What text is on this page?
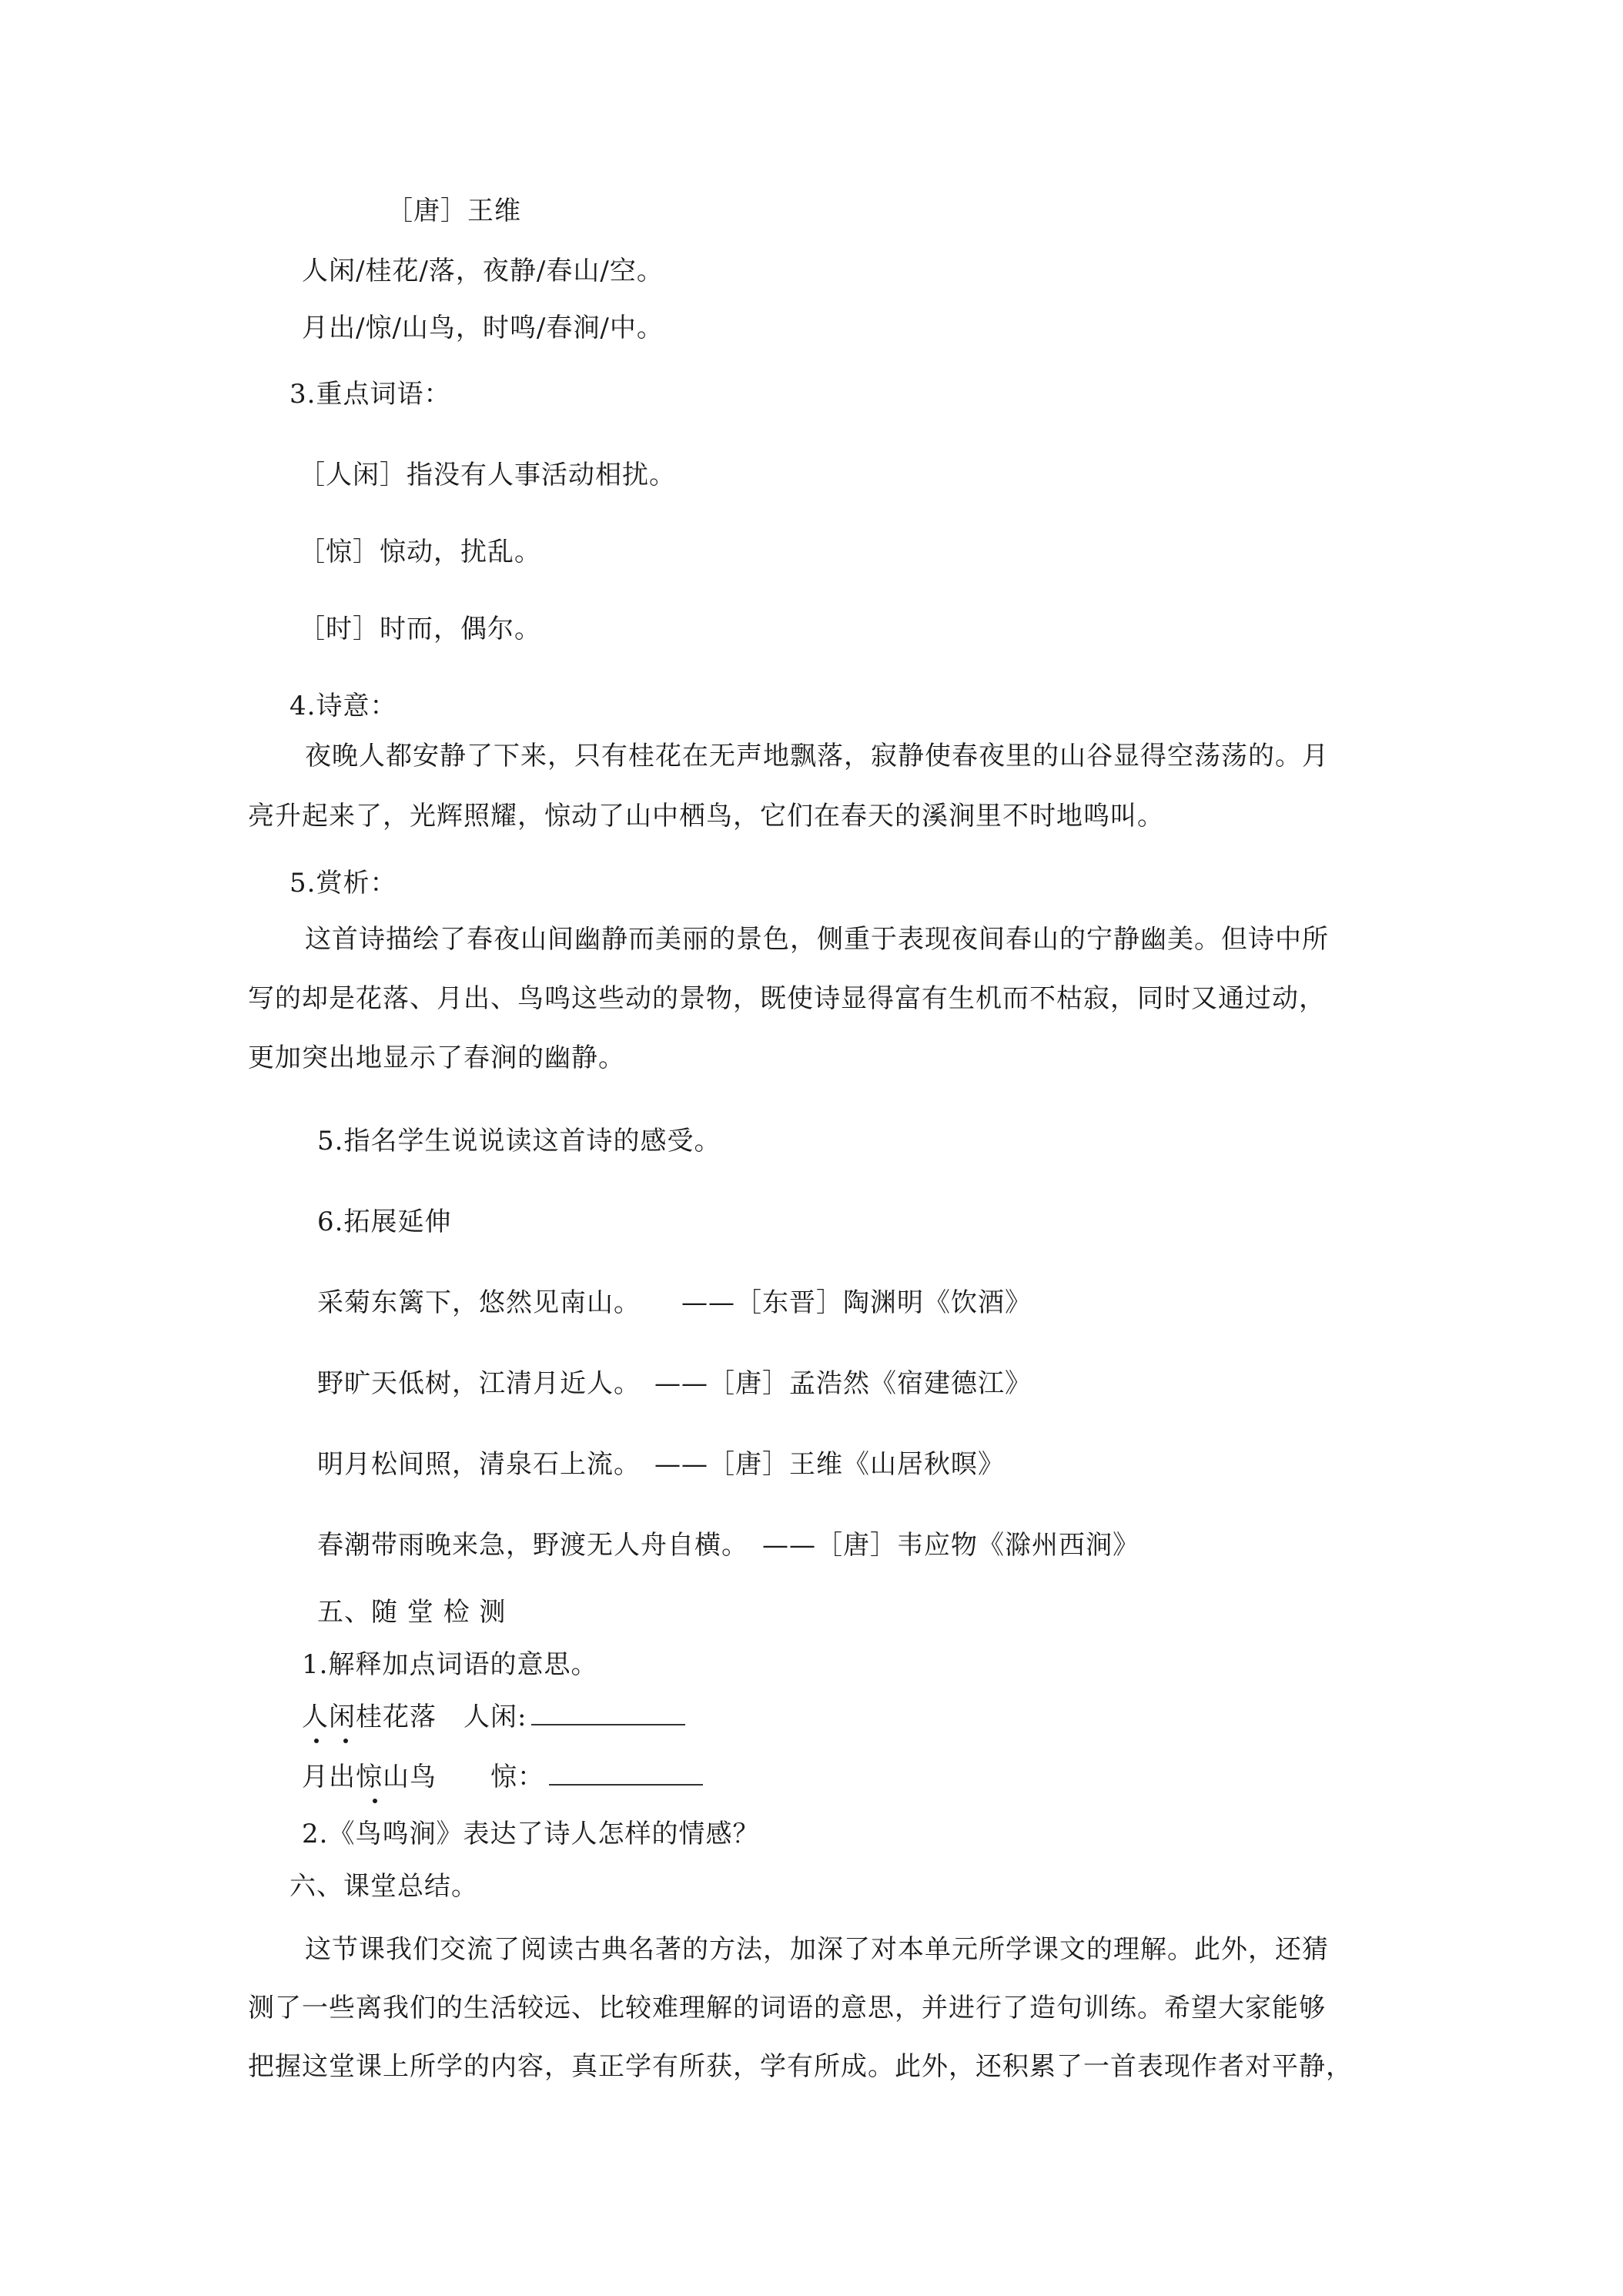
［唐］王维
人闲/桂花/落，夜静/春山/空。
月出/惊/山鸟，时鸣/春涧/中。
3.重点词语：
［人闲］指没有人事活动相扰。
［惊］惊动，扰乱。
［时］时而，偶尔。
4.诗意：
夜晚人都安静了下来，只有桂花在无声地飘落，寂静使春夜里的山谷显得空荡荡的。月
亮升起来了，光辉照耀，惊动了山中栖鸟，它们在春天的溪涧里不时地鸣叫。
5.赏析：
这首诗描绘了春夜山间幽静而美丽的景色，侧重于表现夜间春山的宁静幽美。但诗中所
写的却是花落、月出、鸟鸣这些动的景物，既使诗显得富有生机而不枯寂，同时又通过动，
更加突出地显示了春涧的幽静。
5.指名学生说说读这首诗的感受。
6.拓展延伸
采菊东篱下，悠然见南山。　　——［东晋］陶渊明《饮酒》
野旷天低树，江清月近人。　——［唐］孟浩然《宿建德江》
明月松间照，清泉石上流。　——［唐］王维《山居秋暝》
春潮带雨晚来急，野渡无人舟自横。　——［唐］韦应物《滁州西涧》
五、随 堂 检 测
1.解释加点词语的意思。
人闲桂花落　人闲:
月出惊山鸟　　惊：
2.《鸟鸣涧》表达了诗人怎样的情感？
六、课堂总结。
这节课我们交流了阅读古典名著的方法，加深了对本单元所学课文的理解。此外，还猜
测了一些离我们的生活较远、比较难理解的词语的意思，并进行了造句训练。希望大家能够
把握这堂课上所学的内容，真正学有所获，学有所成。此外，还积累了一首表现作者对平静，
